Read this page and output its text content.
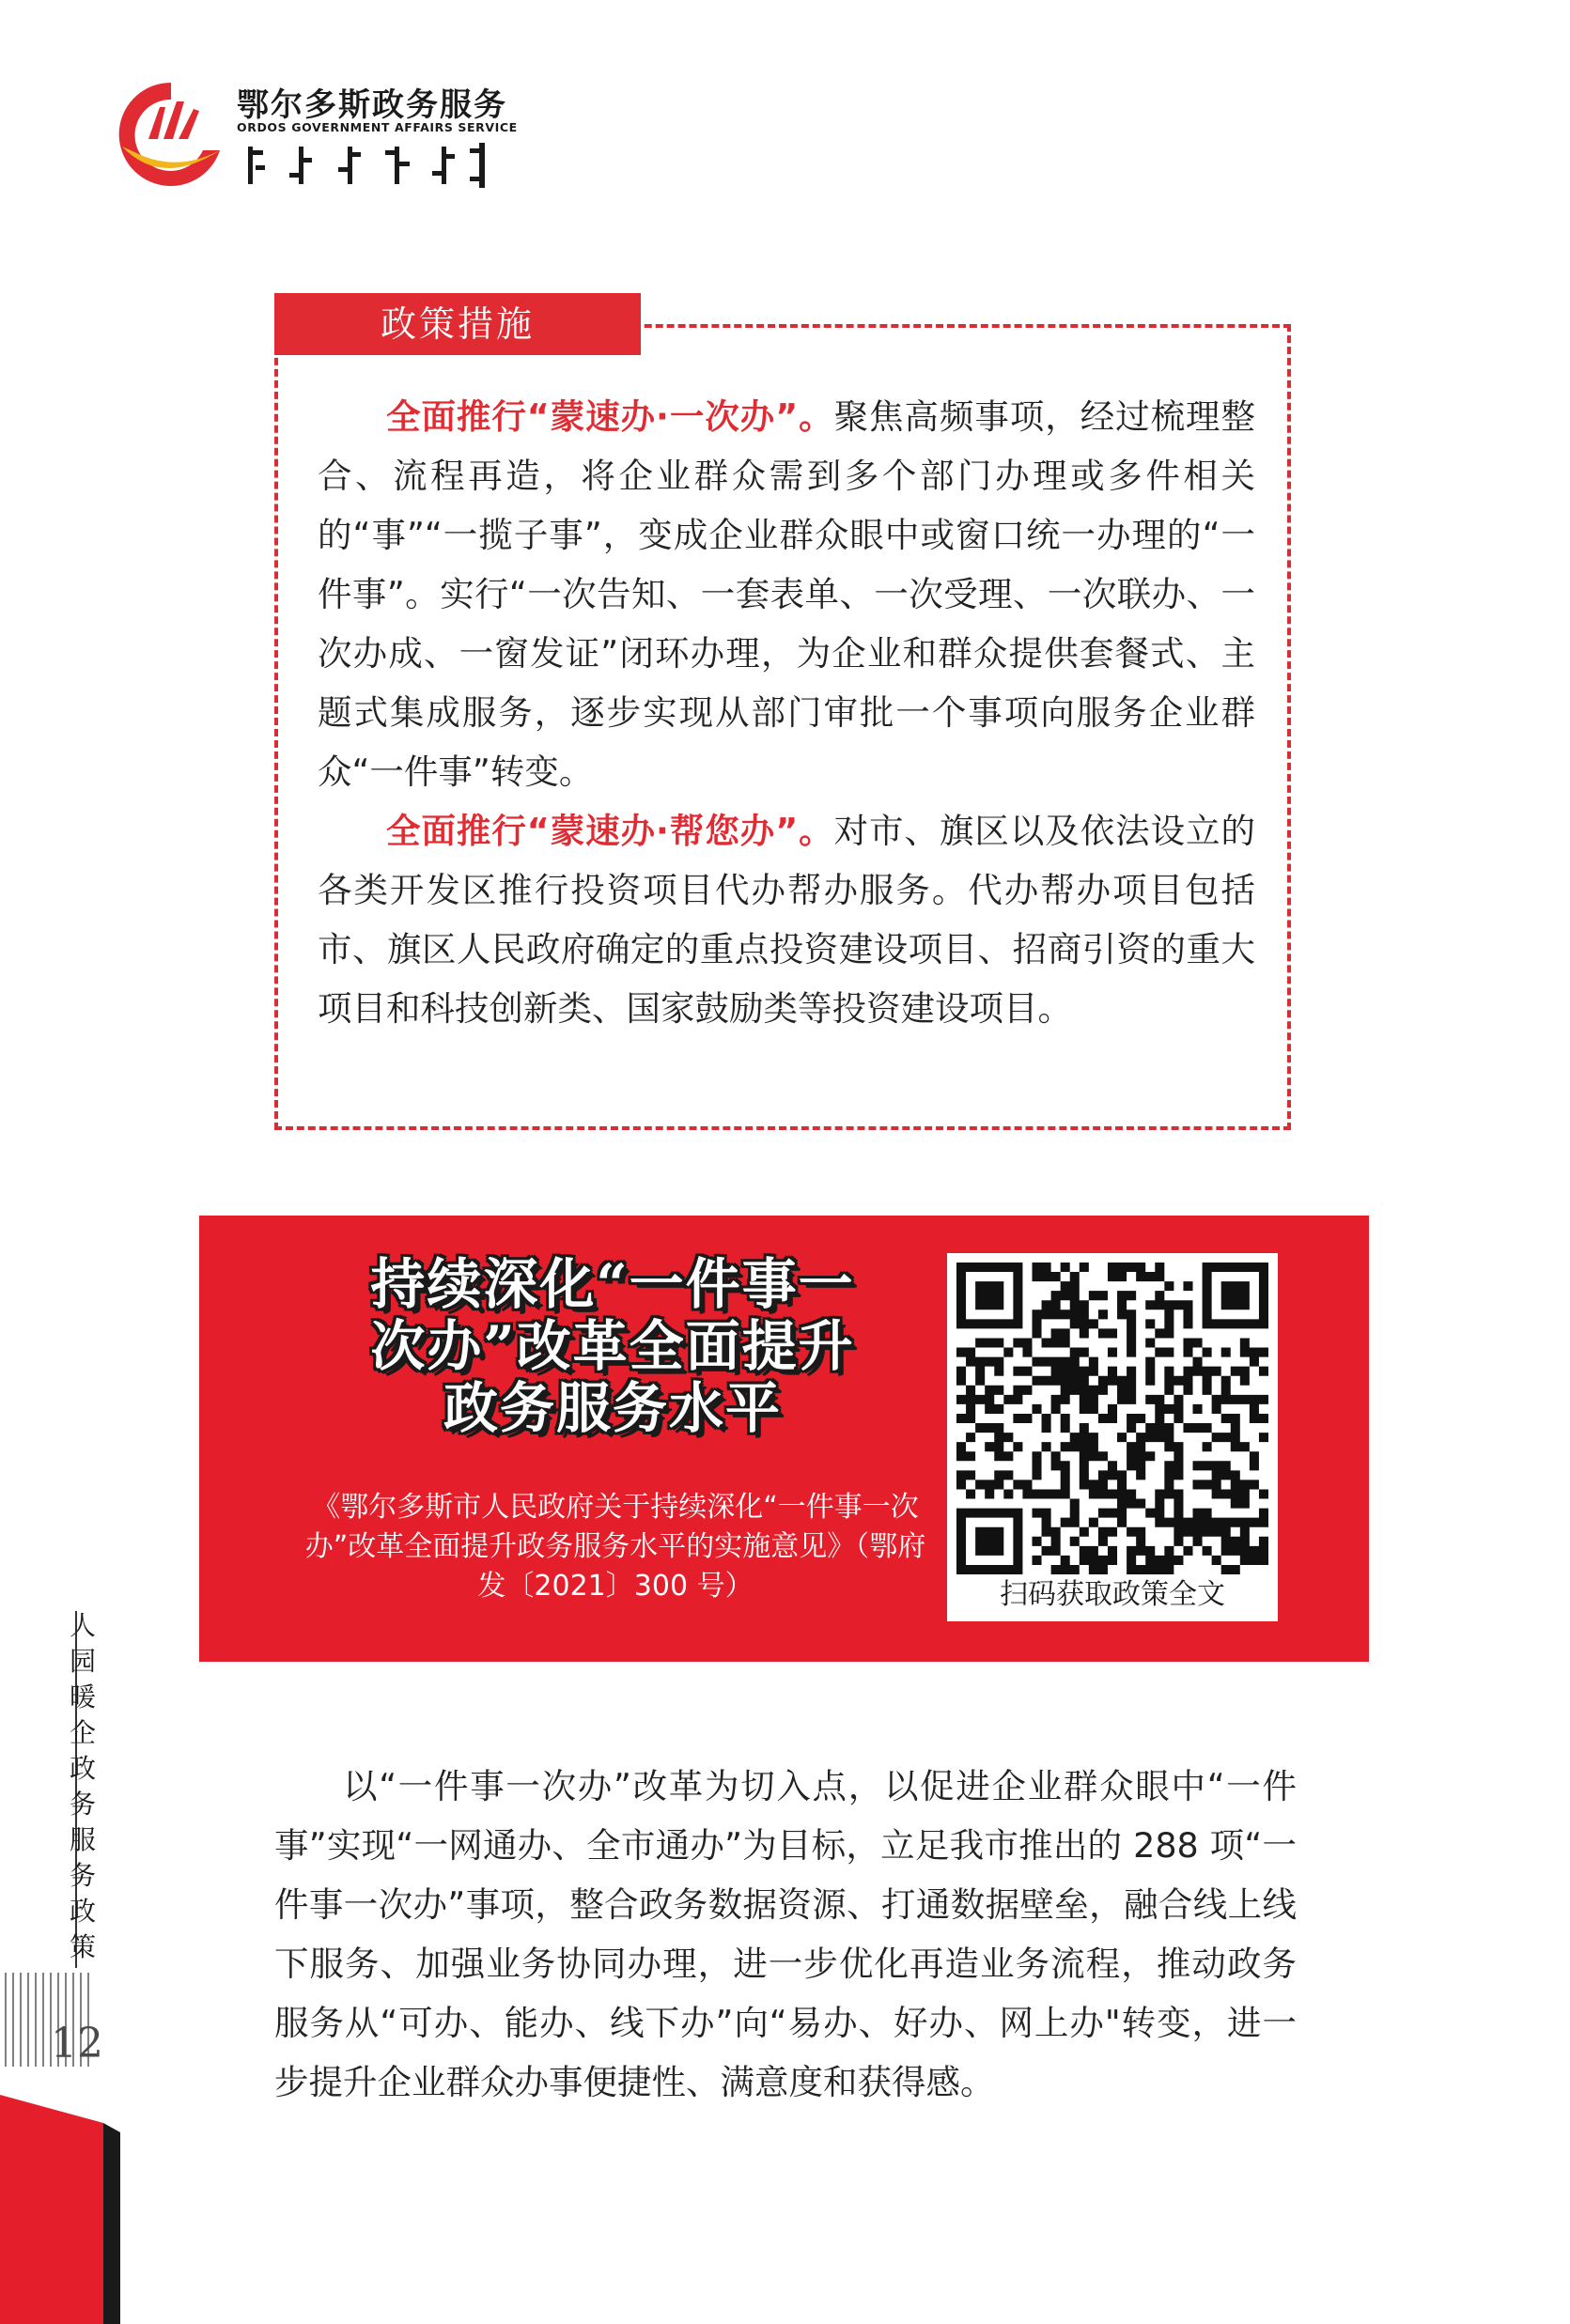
鄂尔多斯政务服务
ORDOS GOVERNMENT AFFAIRS SERVICE
政策措施

全面推行“蒙速办·一次办”。聚焦高频事项，经过梳理整合、流程再造，将企业群众需到多个部门办理或多件相关的“事”“一揽子事”，变成企业群众眼中或窗口统一办理的“一件事”。实行“一次告知、一套表单、一次受理、一次联办、一次办成、一窗发证”闭环办理，为企业和群众提供套餐式、主题式集成服务，逐步实现从部门审批一个事项向服务企业群众“一件事”转变。

全面推行“蒙速办·帮您办”。对市、旗区以及依法设立的各类开发区推行投资项目代办帮办服务。代办帮办项目包括市、旗区人民政府确定的重点投资建设项目、招商引资的重大项目和科技创新类、国家鼓励类等投资建设项目。

持续深化“一件事一
次办”改革全面提升
政务服务水平
《鄂尔多斯市人民政府关于持续深化“一件事一次办”改革全面提升政务服务水平的实施意见》（鄂府发〔2021〕300 号）	扫码获取政策全文
人园暖企政务服务政策
12

以“一件事一次办”改革为切入点，以促进企业群众眼中“一件事”实现“一网通办、全市通办”为目标，立足我市推出的 288 项“一件事一次办”事项，整合政务数据资源、打通数据壁垒，融合线上线下服务、加强业务协同办理，进一步优化再造业务流程，推动政务服务从“可办、能办、线下办”向“易办、好办、网上办"转变，进一步提升企业群众办事便捷性、满意度和获得感。
